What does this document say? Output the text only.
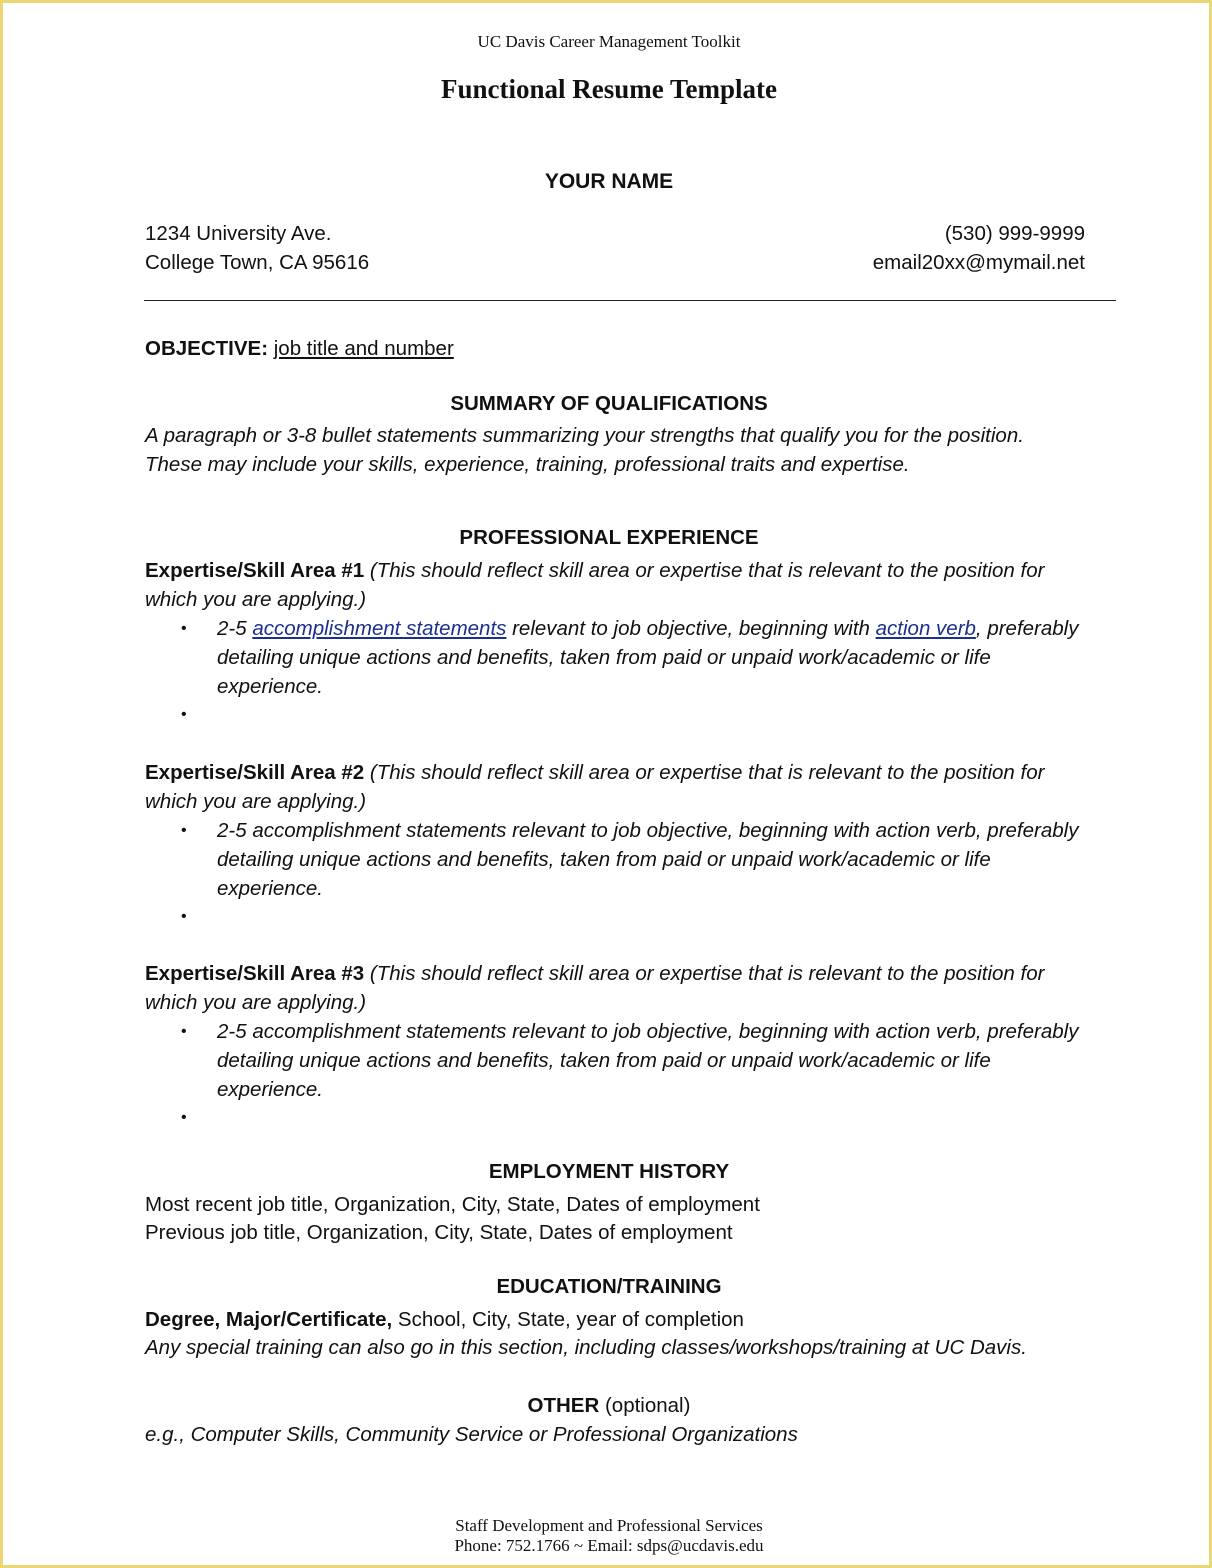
UC Davis Career Management Toolkit
Functional Resume Template
YOUR NAME
1234 University Ave.
College Town, CA 95616
(530) 999-9999
email20xx@mymail.net
OBJECTIVE: job title and number
SUMMARY OF QUALIFICATIONS
A paragraph or 3-8 bullet statements summarizing your strengths that qualify you for the position.
These may include your skills, experience, training, professional traits and expertise.
PROFESSIONAL EXPERIENCE
Expertise/Skill Area #1 (This should reflect skill area or expertise that is relevant to the position for
which you are applying.)
• 2-5 accomplishment statements relevant to job objective, beginning with action verb, preferably
detailing unique actions and benefits, taken from paid or unpaid work/academic or life
experience.
•
Expertise/Skill Area #2 (This should reflect skill area or expertise that is relevant to the position for
which you are applying.)
• 2-5 accomplishment statements relevant to job objective, beginning with action verb, preferably
detailing unique actions and benefits, taken from paid or unpaid work/academic or life
experience.
•
Expertise/Skill Area #3 (This should reflect skill area or expertise that is relevant to the position for
which you are applying.)
• 2-5 accomplishment statements relevant to job objective, beginning with action verb, preferably
detailing unique actions and benefits, taken from paid or unpaid work/academic or life
experience.
•
EMPLOYMENT HISTORY
Most recent job title, Organization, City, State, Dates of employment
Previous job title, Organization, City, State, Dates of employment
EDUCATION/TRAINING
Degree, Major/Certificate, School, City, State, year of completion
Any special training can also go in this section, including classes/workshops/training at UC Davis.
OTHER (optional)
e.g., Computer Skills, Community Service or Professional Organizations
Staff Development and Professional Services
Phone: 752.1766 ~ Email: sdps@ucdavis.edu
